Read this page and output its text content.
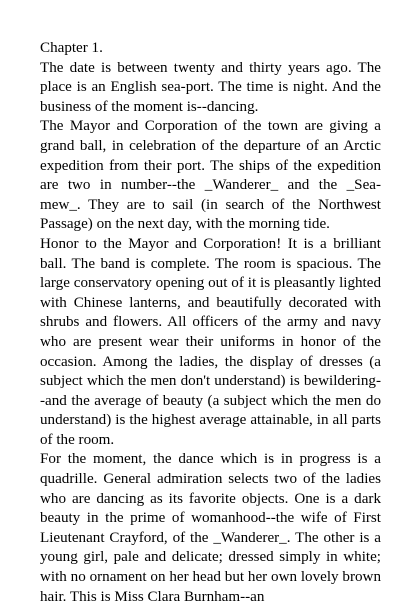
Chapter 1.

The date is between twenty and thirty years ago. The place is an English sea-port. The time is night. And the business of the moment is--dancing.

The Mayor and Corporation of the town are giving a grand ball, in celebration of the departure of an Arctic expedition from their port. The ships of the expedition are two in number--the _Wanderer_ and the _Sea-mew_. They are to sail (in search of the Northwest Passage) on the next day, with the morning tide.

Honor to the Mayor and Corporation! It is a brilliant ball. The band is complete. The room is spacious. The large conservatory opening out of it is pleasantly lighted with Chinese lanterns, and beautifully decorated with shrubs and flowers. All officers of the army and navy who are present wear their uniforms in honor of the occasion. Among the ladies, the display of dresses (a subject which the men don't understand) is bewildering--and the average of beauty (a subject which the men do understand) is the highest average attainable, in all parts of the room.

For the moment, the dance which is in progress is a quadrille. General admiration selects two of the ladies who are dancing as its favorite objects. One is a dark beauty in the prime of womanhood--the wife of First Lieutenant Crayford, of the _Wanderer_. The other is a young girl, pale and delicate; dressed simply in white; with no ornament on her head but her own lovely brown hair. This is Miss Clara Burnham--an
